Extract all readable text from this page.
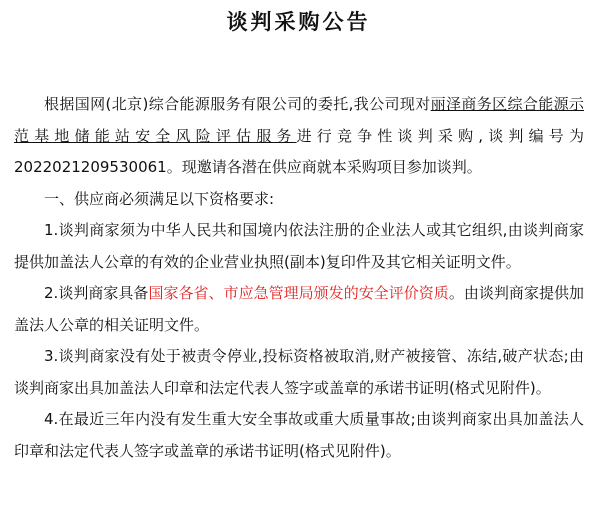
谈判采购公告

根据国网(北京)综合能源服务有限公司的委托,我公司现对丽泽商务区综合能源示范基地储能站安全风险评估服务进行竞争性谈判采购,谈判编号为2022021209530061。现邀请各潜在供应商就本采购项目参加谈判。

一、供应商必须满足以下资格要求:

1.谈判商家须为中华人民共和国境内依法注册的企业法人或其它组织,由谈判商家提供加盖法人公章的有效的企业营业执照(副本)复印件及其它相关证明文件。

2.谈判商家具备国家各省、市应急管理局颁发的安全评价资质。由谈判商家提供加盖法人公章的相关证明文件。

3.谈判商家没有处于被责令停业,投标资格被取消,财产被接管、冻结,破产状态;由谈判商家出具加盖法人印章和法定代表人签字或盖章的承诺书证明(格式见附件)。

4.在最近三年内没有发生重大安全事故或重大质量事故;由谈判商家出具加盖法人印章和法定代表人签字或盖章的承诺书证明(格式见附件)。
